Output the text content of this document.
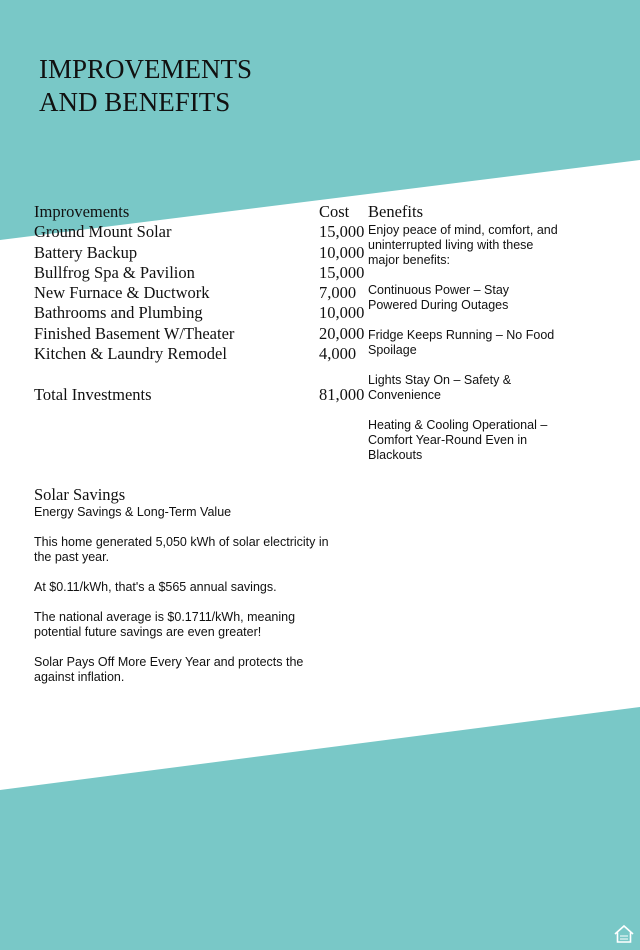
IMPROVEMENTS
AND BENEFITS
Improvements
Ground Mount Solar
Battery Backup
Bullfrog Spa & Pavilion
New Furnace & Ductwork
Bathrooms and Plumbing
Finished Basement W/Theater
Kitchen & Laundry Remodel
Total Investments
Cost
15,000
10,000
15,000
7,000
10,000
20,000
4,000
81,000
Benefits

Enjoy peace of mind, comfort, and uninterrupted living with these major benefits:

Continuous Power – Stay Powered During Outages

Fridge Keeps Running – No Food Spoilage

Lights Stay On – Safety & Convenience

Heating & Cooling Operational – Comfort Year-Round Even in Blackouts

Solar Savings

Energy Savings & Long-Term Value

This home generated 5,050 kWh of solar electricity in the past year.

At $0.11/kWh, that's a $565 annual savings.

The national average is $0.1711/kWh, meaning potential future savings are even greater!

Solar Pays Off More Every Year and protects the against inflation.
